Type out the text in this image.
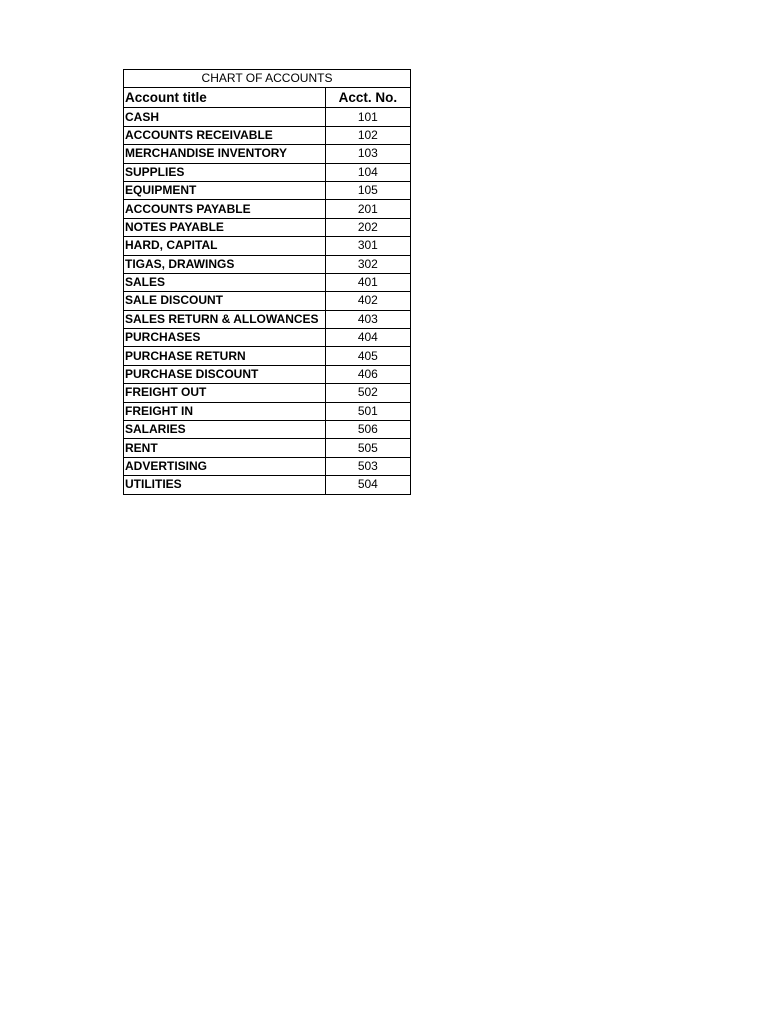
CHART OF ACCOUNTS	
Account title	Acct. No.
CASH	101
ACCOUNTS RECEIVABLE	102
MERCHANDISE INVENTORY	103
SUPPLIES	104
EQUIPMENT	105
ACCOUNTS PAYABLE	201
NOTES PAYABLE	202
HARD, CAPITAL	301
TIGAS, DRAWINGS	302
SALES	401
SALE DISCOUNT	402
SALES RETURN & ALLOWANCES	403
PURCHASES	404
PURCHASE RETURN	405
PURCHASE DISCOUNT	406
FREIGHT OUT	502
FREIGHT IN	501
SALARIES	506
RENT	505
ADVERTISING	503
UTILITIES	504
